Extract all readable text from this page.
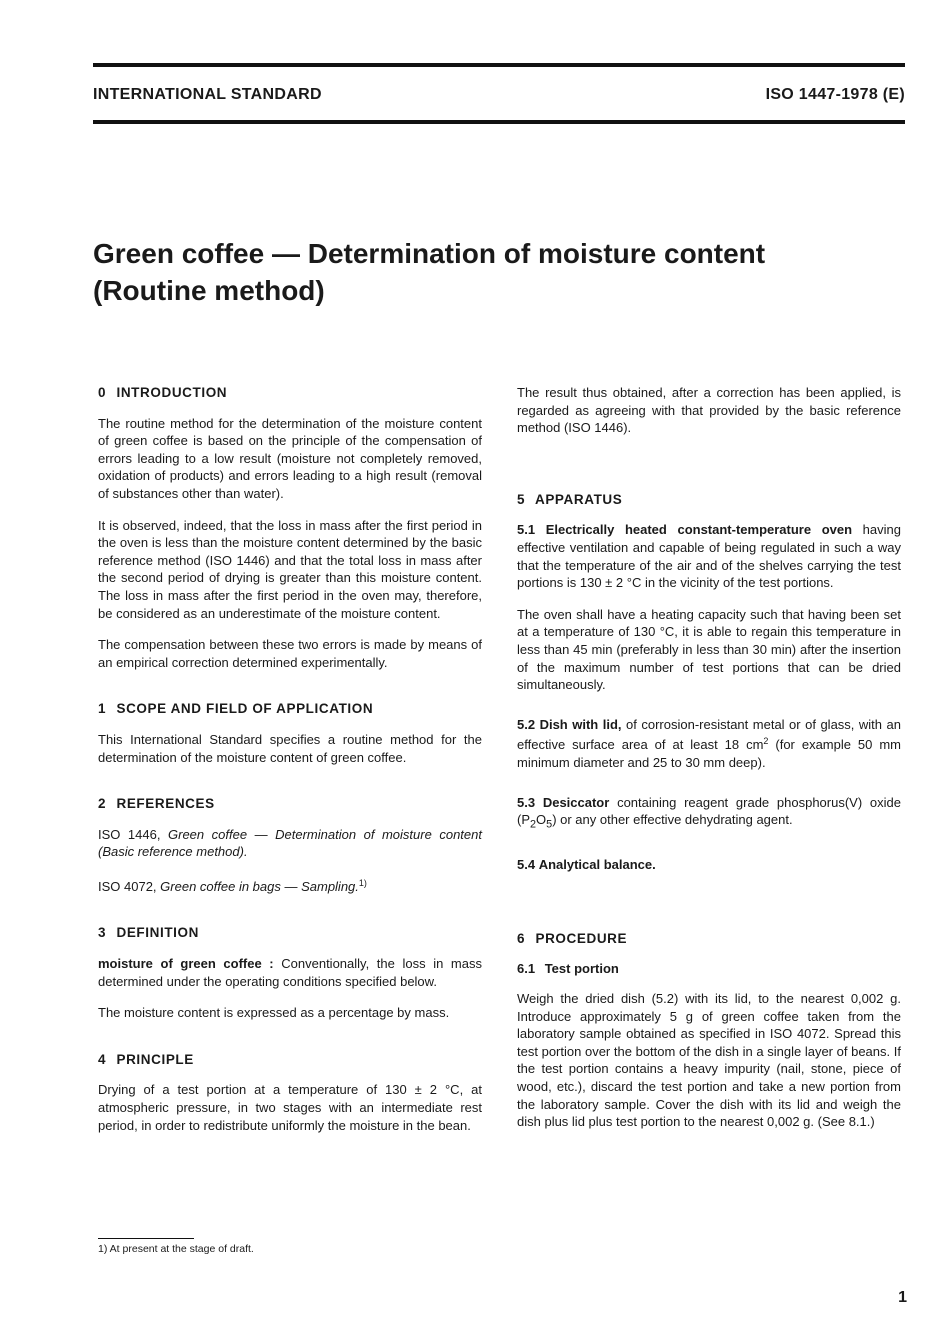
INTERNATIONAL STANDARD	ISO 1447-1978 (E)
Green coffee — Determination of moisture content
(Routine method)
0 INTRODUCTION

The routine method for the determination of the moisture content of green coffee is based on the principle of the compensation of errors leading to a low result (moisture not completely removed, oxidation of products) and errors leading to a high result (removal of substances other than water).

It is observed, indeed, that the loss in mass after the first period in the oven is less than the moisture content determined by the basic reference method (ISO 1446) and that the total loss in mass after the second period of drying is greater than this moisture content. The loss in mass after the first period in the oven may, therefore, be considered as an underestimate of the moisture content.

The compensation between these two errors is made by means of an empirical correction determined experimentally.

1 SCOPE AND FIELD OF APPLICATION

This International Standard specifies a routine method for the determination of the moisture content of green coffee.

2 REFERENCES

ISO 1446, Green coffee — Determination of moisture content (Basic reference method).

ISO 4072, Green coffee in bags — Sampling.$^{1)}$

3 DEFINITION

moisture of green coffee : Conventionally, the loss in mass determined under the operating conditions specified below.

The moisture content is expressed as a percentage by mass.

4 PRINCIPLE

Drying of a test portion at a temperature of 130 ± 2 °C, at atmospheric pressure, in two stages with an intermediate rest period, in order to redistribute uniformly the moisture in the bean.

The result thus obtained, after a correction has been applied, is regarded as agreeing with that provided by the basic reference method (ISO 1446).

5 APPARATUS

5.1 Electrically heated constant-temperature oven having effective ventilation and capable of being regulated in such a way that the temperature of the air and of the shelves carrying the test portions is 130 ± 2 °C in the vicinity of the test portions.

The oven shall have a heating capacity such that having been set at a temperature of 130 °C, it is able to regain this temperature in less than 45 min (preferably in less than 30 min) after the insertion of the maximum number of test portions that can be dried simultaneously.

5.2 Dish with lid, of corrosion-resistant metal or of glass, with an effective surface area of at least 18 $cm^2$ (for example 50 mm minimum diameter and 25 to 30 mm deep).

5.3 Desiccator containing reagent grade phosphorus(V) oxide $(P_2O_5)$ or any other effective dehydrating agent.

5.4 Analytical balance.

6 PROCEDURE
6.1 Test portion

Weigh the dried dish (5.2) with its lid, to the nearest 0,002 g. Introduce approximately 5 g of green coffee taken from the laboratory sample obtained as specified in ISO 4072. Spread this test portion over the bottom of the dish in a single layer of beans. If the test portion contains a heavy impurity (nail, stone, piece of wood, etc.), discard the test portion and take a new portion from the laboratory sample. Cover the dish with its lid and weigh the dish plus lid plus test portion to the nearest 0,002 g. (See 8.1.)

1) At present at the stage of draft.
1
